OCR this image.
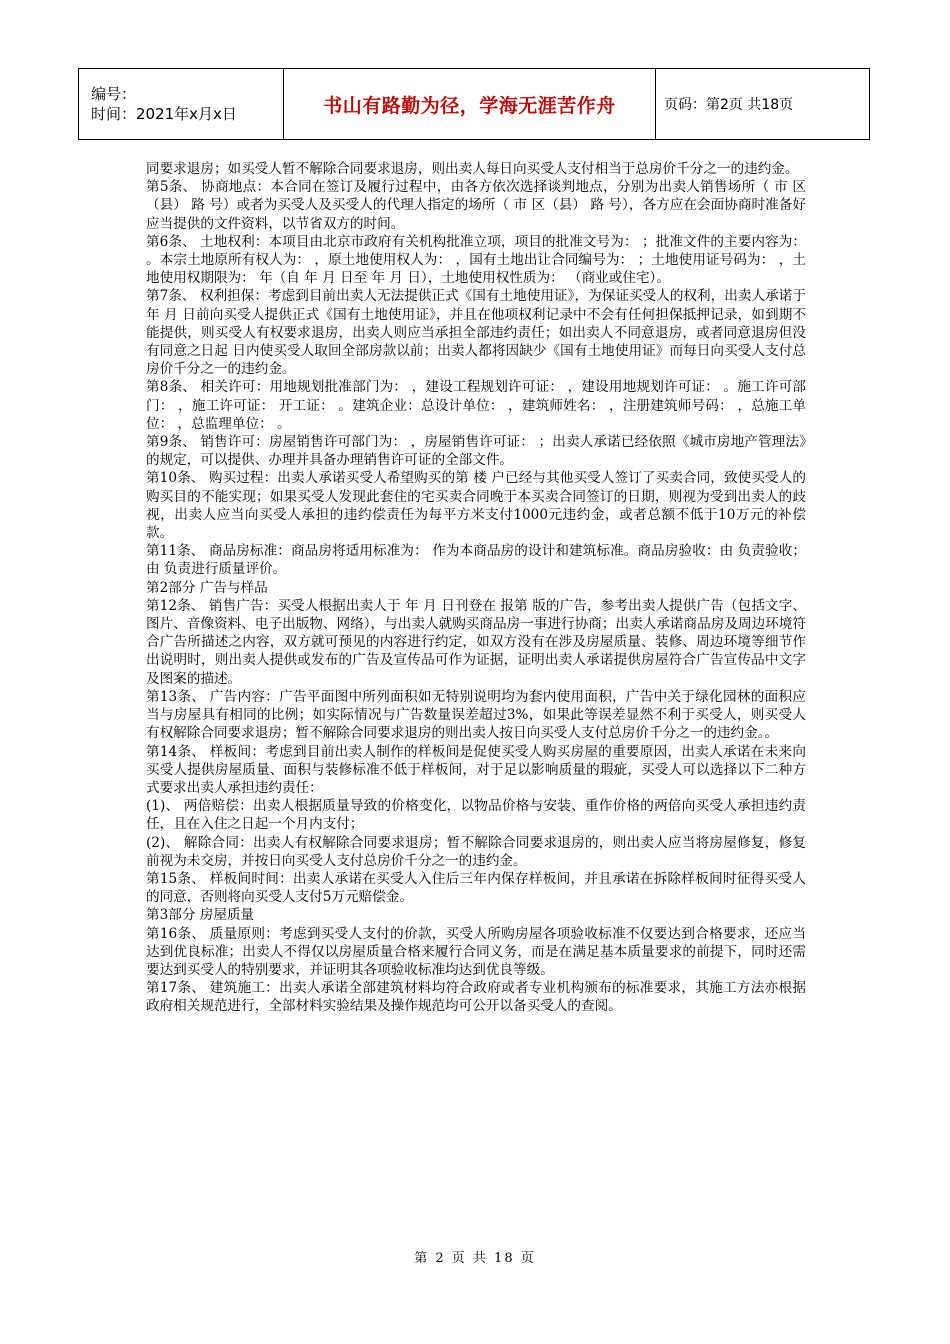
编号：
时间：2021年x月x日	书山有路勤为径，学海无涯苦作舟	页码：第2页 共18页

同要求退房；如买受人暂不解除合同要求退房，则出卖人每日向买受人支付相当于总房价千分之一的违约金。

第5条、 协商地点：本合同在签订及履行过程中，由各方依次选择谈判地点，分别为出卖人销售场所（ 市 区（县） 路 号）或者为买受人及买受人的代理人指定的场所（ 市 区（县） 路 号），各方应在会面协商时准备好应当提供的文件资料，以节省双方的时间。

第6条、 土地权利：本项目由北京市政府有关机构批准立项，项目的批准文号为： ；批准文件的主要内容为： 。本宗土地原所有权人为： ，原土地使用权人为： ，国有土地出让合同编号为： ；土地使用证号码为： ，土地使用权期限为： 年（自 年 月 日至 年 月 日），土地使用权性质为： （商业或住宅）。

第7条、 权利担保：考虑到目前出卖人无法提供正式《国有土地使用证》，为保证买受人的权利，出卖人承诺于 年 月 日前向买受人提供正式《国有土地使用证》，并且在他项权利记录中不会有任何担保抵押记录，如到期不能提供，则买受人有权要求退房，出卖人则应当承担全部违约责任；如出卖人不同意退房，或者同意退房但没有同意之日起 日内使买受人取回全部房款以前；出卖人都将因缺少《国有土地使用证》而每日向买受人支付总房价千分之一的违约金。

第8条、 相关许可：用地规划批准部门为： ，建设工程规划许可证： ，建设用地规划许可证： 。施工许可部门： ，施工许可证： 开工证： 。建筑企业：总设计单位： ，建筑师姓名： ，注册建筑师号码： ，总施工单位： ，总监理单位： 。

第9条、 销售许可：房屋销售许可部门为： ，房屋销售许可证： ；出卖人承诺已经依照《城市房地产管理法》的规定，可以提供、办理并具备办理销售许可证的全部文件。

第10条、 购买过程：出卖人承诺买受人希望购买的第 楼 户已经与其他买受人签订了买卖合同，致使买受人的购买目的不能实现；如果买受人发现此套住的宅买卖合同晚于本买卖合同签订的日期，则视为受到出卖人的歧视，出卖人应当向买受人承担的违约偿责任为每平方米支付1000元违约金，或者总额不低于10万元的补偿款。

第11条、 商品房标准：商品房将适用标准为： 作为本商品房的设计和建筑标准。商品房验收：由 负责验收；由 负责进行质量评价。

第2部分 广告与样品

第12条、 销售广告：买受人根据出卖人于 年 月 日刊登在 报第 版的广告，参考出卖人提供广告（包括文字、图片、音像资料、电子出版物、网络），与出卖人就购买商品房一事进行协商；出卖人承诺商品房及周边环境符合广告所描述之内容，双方就可预见的内容进行约定，如双方没有在涉及房屋质量、装修、周边环境等细节作出说明时，则出卖人提供或发布的广告及宣传品可作为证据，证明出卖人承诺提供房屋符合广告宣传品中文字及图案的描述。

第13条、 广告内容：广告平面图中所列面积如无特别说明均为套内使用面积，广告中关于绿化园林的面积应当与房屋具有相同的比例；如实际情况与广告数量误差超过3%，如果此等误差显然不利于买受人，则买受人有权解除合同要求退房；暂不解除合同要求退房的则出卖人按日向买受人支付总房价千分之一的违约金。。

第14条、 样板间：考虑到目前出卖人制作的样板间是促使买受人购买房屋的重要原因，出卖人承诺在未来向买受人提供房屋质量、面积与装修标准不低于样板间，对于足以影响质量的瑕疵，买受人可以选择以下二种方式要求出卖人承担违约责任：

(1)、 两倍赔偿：出卖人根据质量导致的价格变化，以物品价格与安装、重作价格的两倍向买受人承担违约责任，且在入住之日起一个月内支付；

(2)、 解除合同：出卖人有权解除合同要求退房；暂不解除合同要求退房的，则出卖人应当将房屋修复，修复前视为未交房，并按日向买受人支付总房价千分之一的违约金。

第15条、 样板间时间：出卖人承诺在买受人入住后三年内保存样板间，并且承诺在拆除样板间时征得买受人的同意，否则将向买受人支付5万元赔偿金。

第3部分 房屋质量

第16条、 质量原则：考虑到买受人支付的价款，买受人所购房屋各项验收标准不仅要达到合格要求，还应当达到优良标准；出卖人不得仅以房屋质量合格来履行合同义务，而是在满足基本质量要求的前提下，同时还需要达到买受人的特别要求，并证明其各项验收标准均达到优良等级。

第17条、 建筑施工：出卖人承诺全部建筑材料均符合政府或者专业机构颁布的标准要求，其施工方法亦根据政府相关规范进行，全部材料实验结果及操作规范均可公开以备买受人的查阅。

第 2 页 共 18 页
